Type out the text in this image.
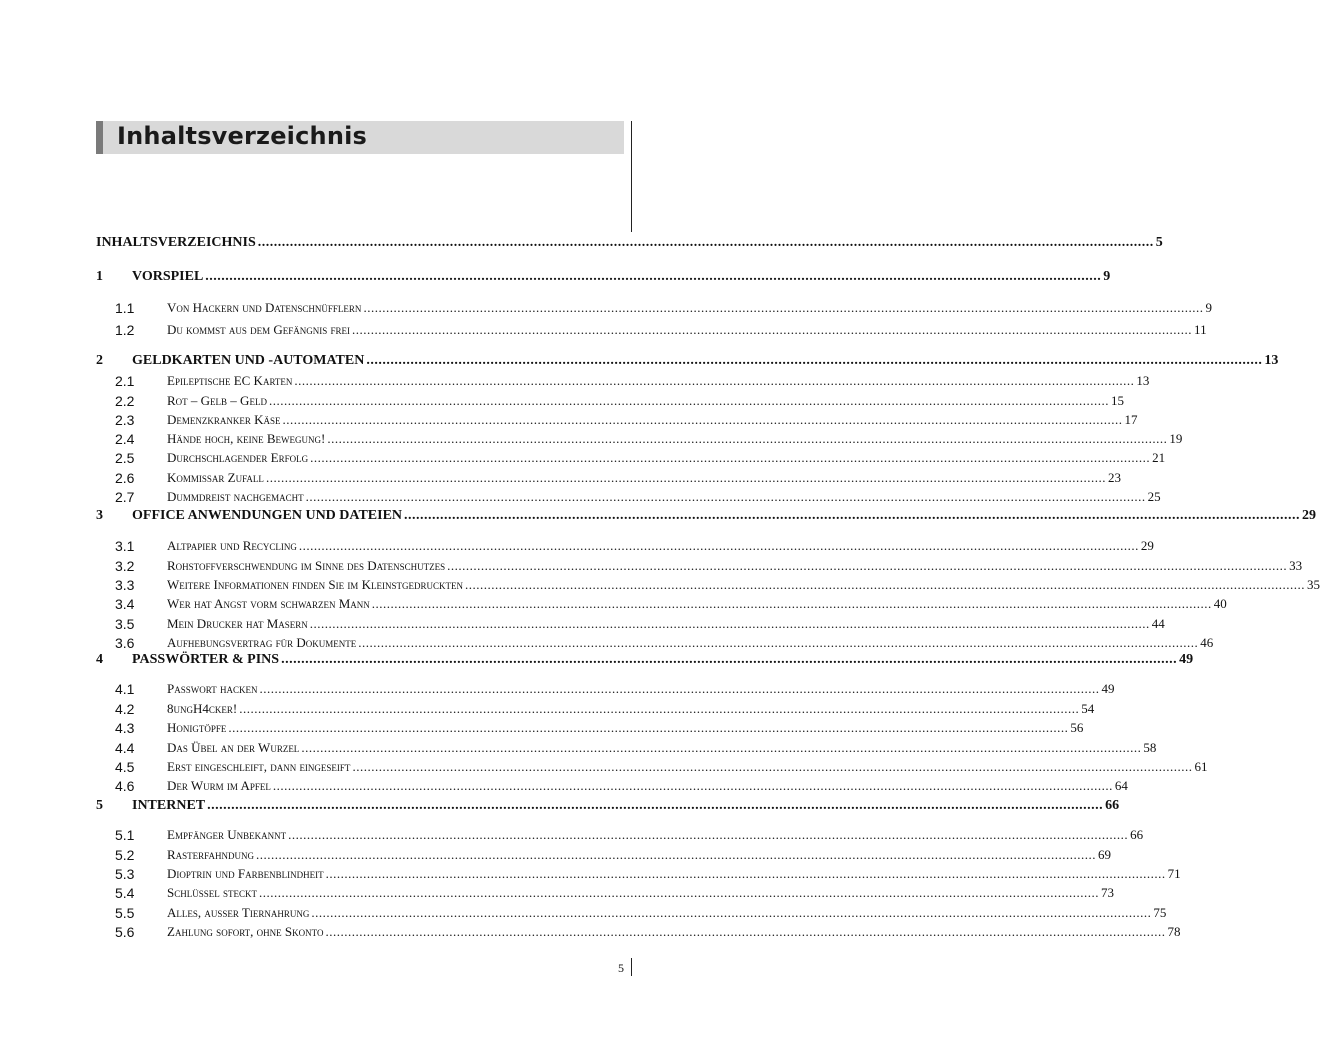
Inhaltsverzeichnis
INHALTSVERZEICHNIS .....	5
1	VORSPIEL .....	9
1.1	Von Hackern und Datenschnüfflern .....	9
1.2	Du kommst aus dem Gefängnis frei .....	11
2	GELDKARTEN UND -AUTOMATEN .....	13
2.1	Epileptische EC Karten .....	13
2.2	Rot – Gelb – Geld .....	15
2.3	Demenzkranker Käse .....	17
2.4	Hände hoch, keine Bewegung! .....	19
2.5	Durchschlagender Erfolg .....	21
2.6	Kommissar Zufall .....	23
2.7	Dummdreist nachgemacht .....	25
3	OFFICE ANWENDUNGEN UND DATEIEN .....	29
3.1	Altpapier und Recycling .....	29
3.2	Rohstoffverschwendung im Sinne des Datenschutzes .....	33
3.3	Weitere Informationen finden Sie im Kleinstgedruckten .....	35
3.4	Wer hat Angst vorm schwarzen Mann .....	40
3.5	Mein Drucker hat Masern .....	44
3.6	Aufhebungsvertrag für Dokumente .....	46
4	PASSWÖRTER & PINS .....	49
4.1	Passwort hacken .....	49
4.2	8ungH4cker! .....	54
4.3	Honigtöpfe .....	56
4.4	Das Übel an der Wurzel .....	58
4.5	Erst eingeschleift, dann eingeseift .....	61
4.6	Der Wurm im Apfel .....	64
5	INTERNET .....	66
5.1	Empfänger Unbekannt .....	66
5.2	Rasterfahndung .....	69
5.3	Dioptrin und Farbenblindheit .....	71
5.4	Schlüssel steckt .....	73
5.5	Alles, außer Tiernahrung .....	75
5.6	Zahlung sofort, ohne Skonto .....	78
5
